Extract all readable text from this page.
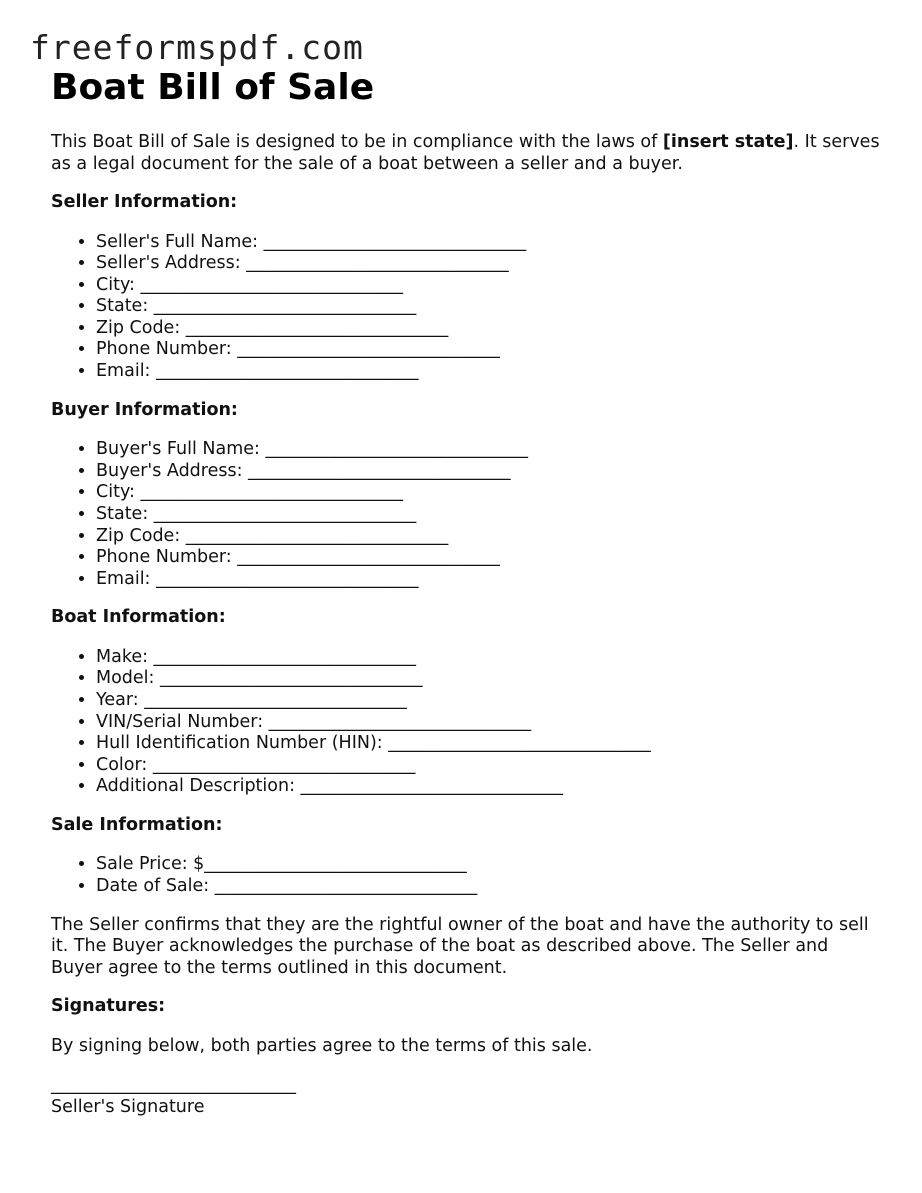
freeformspdf.com
Boat Bill of Sale

This Boat Bill of Sale is designed to be in compliance with the laws of [insert state]. It serves as a legal document for the sale of a boat between a seller and a buyer.

Seller Information:
• Seller's Full Name: ______________________________
• Seller's Address: ______________________________
• City: ______________________________
• State: ______________________________
• Zip Code: ______________________________
• Phone Number: ______________________________
• Email: ______________________________
Buyer Information:
• Buyer's Full Name: ______________________________
• Buyer's Address: ______________________________
• City: ______________________________
• State: ______________________________
• Zip Code: ______________________________
• Phone Number: ______________________________
• Email: ______________________________
Boat Information:
• Make: ______________________________
• Model: ______________________________
• Year: ______________________________
• VIN/Serial Number: ______________________________
• Hull Identification Number (HIN): ______________________________
• Color: ______________________________
• Additional Description: ______________________________
Sale Information:
• Sale Price: $______________________________
• Date of Sale: ______________________________

The Seller confirms that they are the rightful owner of the boat and have the authority to sell it. The Buyer acknowledges the purchase of the boat as described above. The Seller and Buyer agree to the terms outlined in this document.

Signatures:

By signing below, both parties agree to the terms of this sale.

____________________________
Seller's Signature
